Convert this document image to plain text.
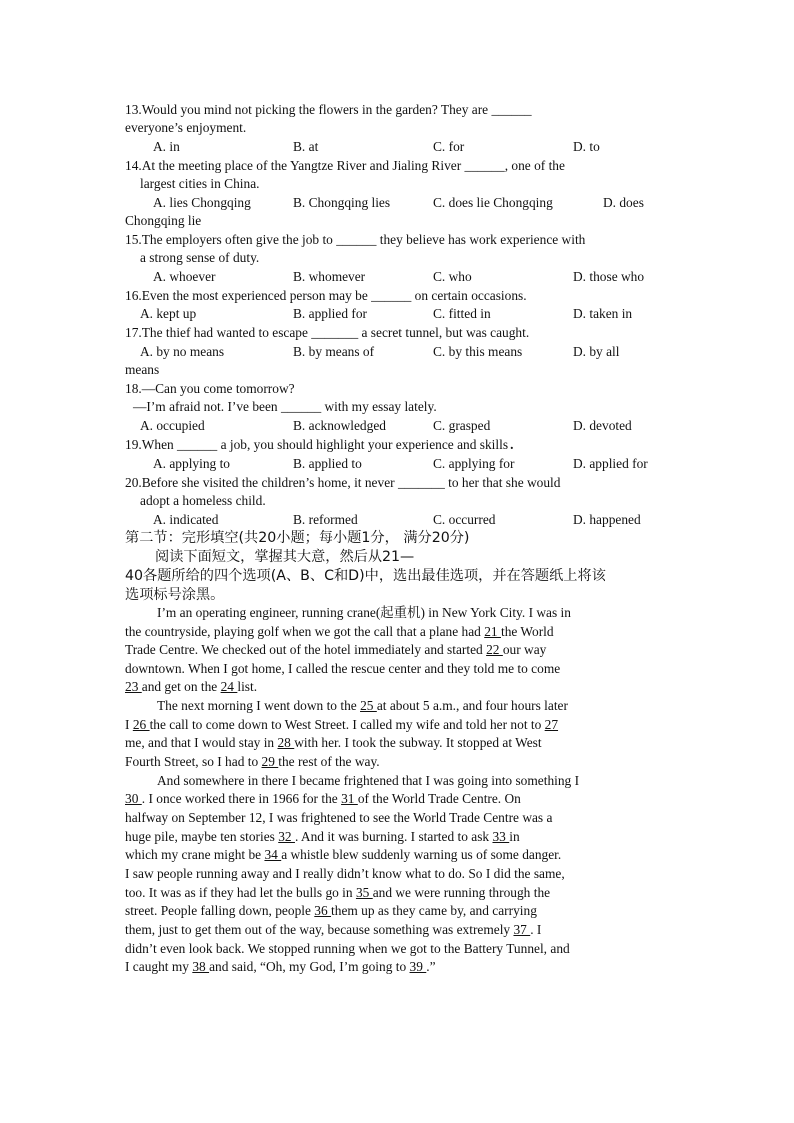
13.Would you mind not picking the flowers in the garden? They are ______
everyone’s enjoyment.
A. in	B. at	C. for	D. to
14.At the meeting place of the Yangtze River and Jialing River ______, one of the
largest cities in China.
A. lies Chongqing	B. Chongqing lies	C. does lie Chongqing	D. does
Chongqing lie
15.The employers often give the job to ______ they believe has work experience with
a strong sense of duty.
A. whoever	B. whomever	C. who	D. those who
16.Even the most experienced person may be ______ on certain occasions.
A. kept up	B. applied for	C. fitted in	D. taken in
17.The thief had wanted to escape _______ a secret tunnel, but was caught.
A. by no means	B. by means of	C. by this means	D. by all
means
18.—Can you come tomorrow?
—I’m afraid not. I’ve been ______ with my essay lately.
A. occupied	B. acknowledged	C. grasped	D. devoted
19.When ______ a job, you should highlight your experience and skills .
A. applying to	B. applied to	C. applying for	D. applied for
20.Before she visited the children’s home, it never _______ to her that she would
adopt a homeless child.
A. indicated	B. reformed	C. occurred	D. happened
第二节：完形填空(共20小题；每小题1分， 满分20分)
阅读下面短文，掌握其大意，然后从21—
40各题所给的四个选项(A、B、C和D)中，选出最佳选项，并在答题纸上将该
选项标号涂黑。
I’m an operating engineer, running crane(起重机) in New York City. I was in
the countryside, playing golf when we got the call that a plane had 21 the World
Trade Centre. We checked out of the hotel immediately and started 22 our way
downtown. When I got home, I called the rescue center and they told me to come
23 and get on the 24 list.
The next morning I went down to the 25 at about 5 a.m., and four hours later
I 26 the call to come down to West Street. I called my wife and told her not to 27
me, and that I would stay in 28 with her. I took the subway. It stopped at West
Fourth Street, so I had to 29 the rest of the way.
And somewhere in there I became frightened that I was going into something I
30 . I once worked there in 1966 for the 31 of the World Trade Centre. On
halfway on September 12, I was frightened to see the World Trade Centre was a
huge pile, maybe ten stories 32 . And it was burning. I started to ask 33 in
which my crane might be 34 a whistle blew suddenly warning us of some danger.
I saw people running away and I really didn’t know what to do. So I did the same,
too. It was as if they had let the bulls go in 35 and we were running through the
street. People falling down, people 36 them up as they came by, and carrying
them, just to get them out of the way, because something was extremely 37 . I
didn’t even look back. We stopped running when we got to the Battery Tunnel, and
I caught my 38 and said, “Oh, my God, I’m going to 39 .”
